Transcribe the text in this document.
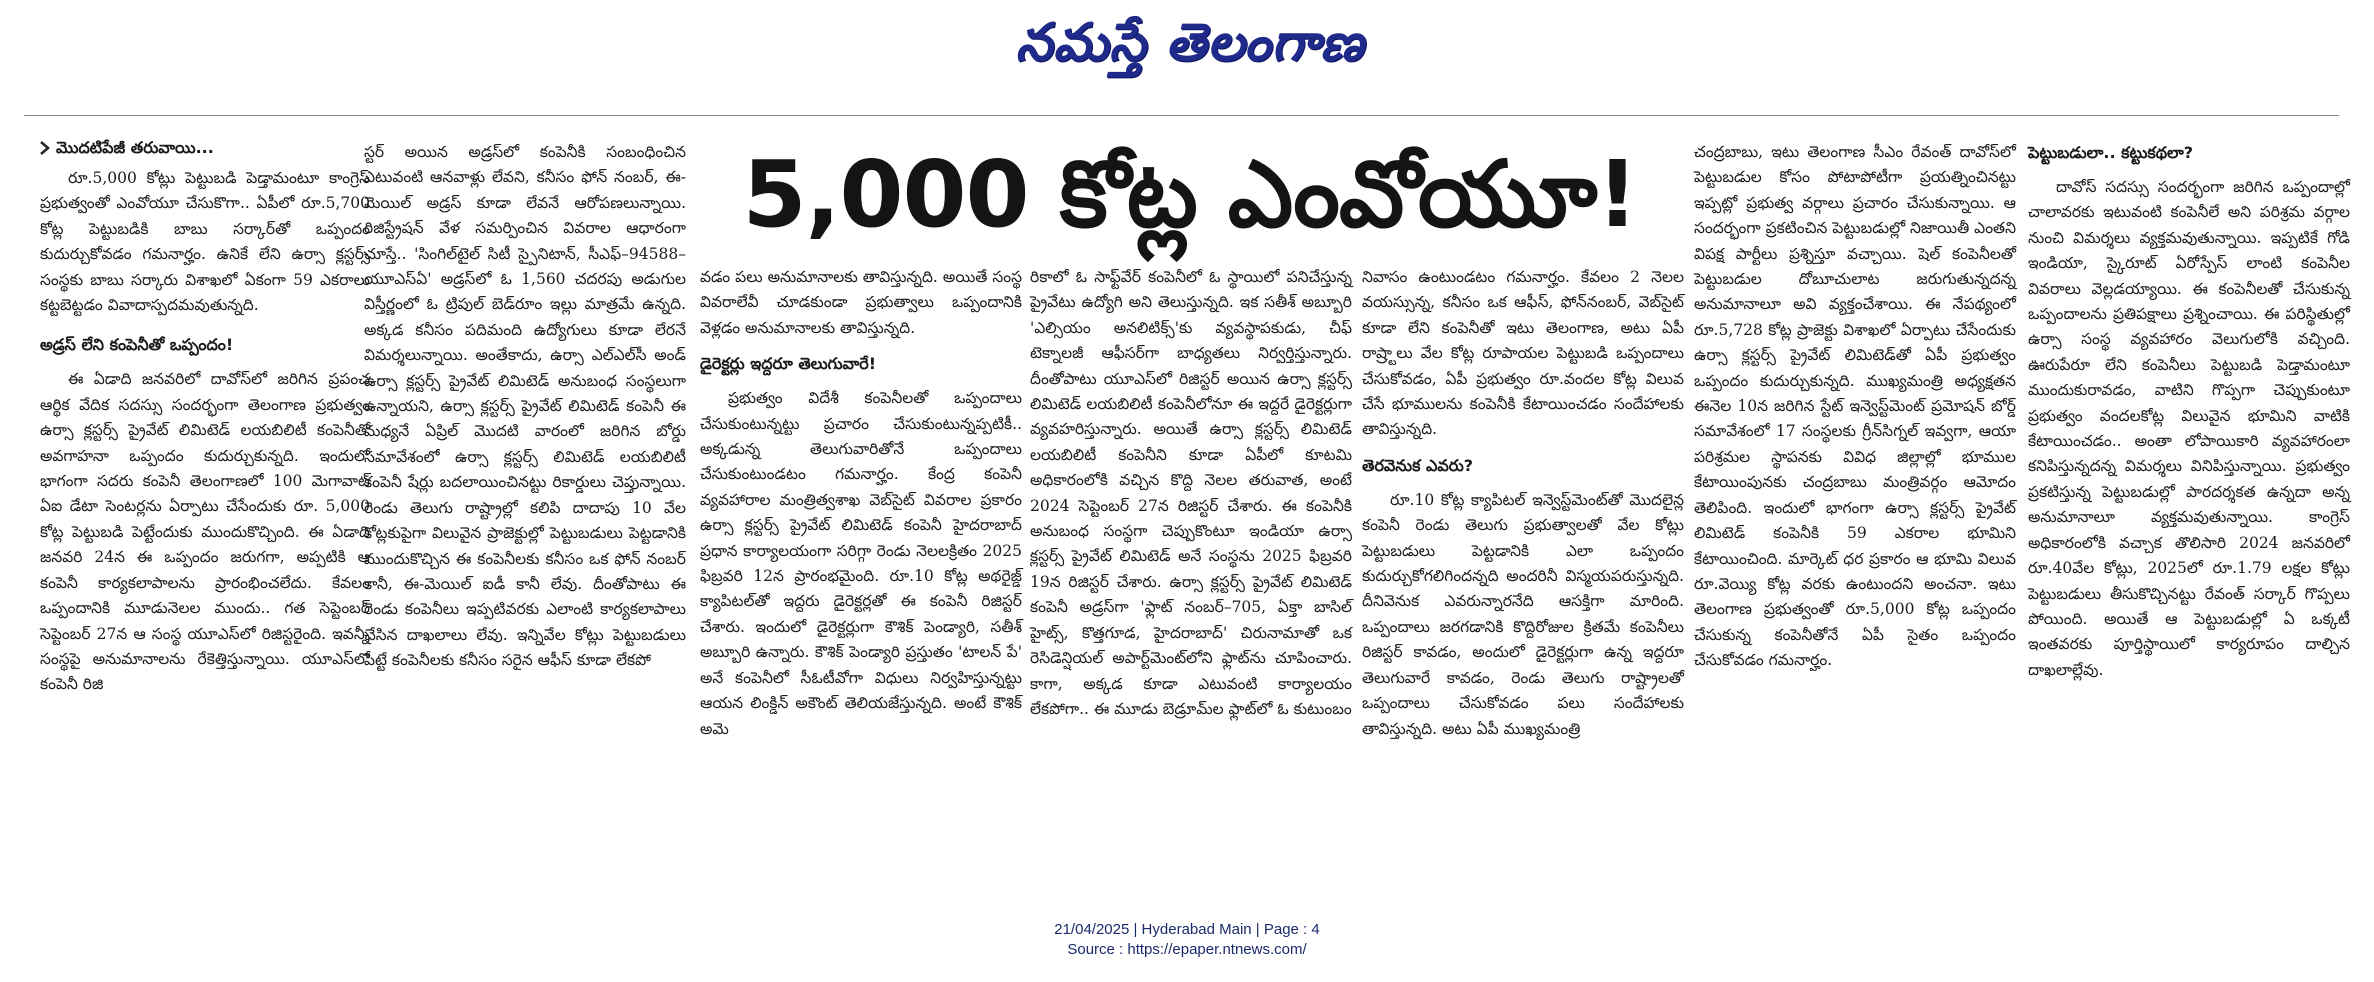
నమస్తే తెలంగాణ
మొదటిపేజీ తరువాయి...

రూ.5,000 కోట్లు పెట్టుబడి పెడ్తామంటూ కాంగ్రెస్ ప్రభుత్వంతో ఎంవోయూ చేసుకొగా.. ఏపీలో రూ.5,700 కోట్ల పెట్టుబడికి బాబు సర్కార్‌తో ఒప్పందం కుదుర్చుకోవడం గమనార్హం. ఉనికే లేని ఉర్సా క్లస్టర్స్ సంస్థకు బాబు సర్కారు విశాఖలో ఏకంగా 59 ఎకరాలు కట్టబెట్టడం వివాదాస్పదమవుతున్నది.

అడ్రస్ లేని కంపెనీతో ఒప్పందం!

ఈ ఏడాది జనవరిలో దావోస్‌లో జరిగిన ప్రపంచ ఆర్థిక వేదిక సదస్సు సందర్భంగా తెలంగాణ ప్రభుత్వం ఉర్సా క్లస్టర్స్ ప్రైవేట్ లిమిటెడ్ లయబిలిటీ కంపెనీతో అవగాహనా ఒప్పందం కుదుర్చుకున్నది. ఇందులో భాగంగా సదరు కంపెనీ తెలంగాణలో 100 మెగావాట్ ఏఐ డేటా సెంటర్లను ఏర్పాటు చేసేందుకు రూ. 5,000 కోట్ల పెట్టుబడి పెట్టేందుకు ముందుకొచ్చింది. ఈ ఏడాది జనవరి 24న ఈ ఒప్పందం జరుగగా, అప్పటికి ఆ కంపెనీ కార్యకలాపాలను ప్రారంభించలేదు. కేవలం ఒప్పందానికి మూడునెలల ముందు.. గత సెప్టెంబర్ సెప్టెంబర్ 27న ఆ సంస్థ యూఎస్‌లో రిజిస్టరైంది. ఇవన్నీ సంస్థపై అనుమానాలను రేకెత్తిస్తున్నాయి. యూఎస్‌లో కంపెనీ రిజి

స్టర్ అయిన అడ్రస్‌లో కంపెనీకి సంబంధించిన ఎటువంటి ఆనవాళ్లు లేవని, కనీసం ఫోన్ నంబర్, ఈ-మెయిల్ అడ్రస్ కూడా లేవనే ఆరోపణలున్నాయి. రిజిస్ట్రేషన్ వేళ సమర్పించిన వివరాల ఆధారంగా చూస్తే.. 'సింగిల్‌టైల్ సిటీ స్పైనిటాన్, సీఎఫ్–94588–యూఎస్ఏ' అడ్రస్‌లో ఓ 1,560 చదరపు అడుగుల విస్తీర్ణంలో ఓ ట్రిపుల్ బెడ్‌రూం ఇల్లు మాత్రమే ఉన్నది. అక్కడ కనీసం పదిమంది ఉద్యోగులు కూడా లేరనే విమర్శలున్నాయి. అంతేకాదు, ఉర్సా ఎల్ఎల్‌సీ అండ్ ఉర్సా క్లస్టర్స్ ప్రైవేట్ లిమిటెడ్ అనుబంధ సంస్థలుగా ఉన్నాయని, ఉర్సా క్లస్టర్స్ ప్రైవేట్ లిమిటెడ్ కంపెనీ ఈ మధ్యనే ఏప్రిల్ మొదటి వారంలో జరిగిన బోర్డు సమావేశంలో ఉర్సా క్లస్టర్స్ లిమిటెడ్ లయబిలిటీ కంపెనీ షేర్లు బదలాయించినట్టు రికార్డులు చెప్తున్నాయి. రెండు తెలుగు రాష్ట్రాల్లో కలిపి దాదాపు 10 వేల కోట్లకుపైగా విలువైన ప్రాజెక్టుల్లో పెట్టుబడులు పెట్టడానికి ముందుకొచ్చిన ఈ కంపెనీలకు కనీసం ఒక ఫోన్ నంబర్ కానీ, ఈ-మెయిల్ ఐడీ కానీ లేవు. దీంతోపాటు ఈ రెండు కంపెనీలు ఇప్పటివరకు ఎలాంటి కార్యకలాపాలు చేసిన దాఖలాలు లేవు. ఇన్నివేల కోట్లు పెట్టుబడులు పెట్టే కంపెనీలకు కనీసం సరైన ఆఫీస్ కూడా లేకపో

5,000 కోట్ల ఎంవోయూ!

వడం పలు అనుమానాలకు తావిస్తున్నది. అయితే సంస్థ వివరాలేవీ చూడకుండా ప్రభుత్వాలు ఒప్పందానికి వెళ్లడం అనుమానాలకు తావిస్తున్నది.

డైరెక్టర్లు ఇద్దరూ తెలుగువారే!

ప్రభుత్వం విదేశీ కంపెనీలతో ఒప్పందాలు చేసుకుంటున్నట్టు ప్రచారం చేసుకుంటున్నప్పటికీ.. అక్కడున్న తెలుగువారితోనే ఒప్పందాలు చేసుకుంటుండటం గమనార్హం. కేంద్ర కంపెనీ వ్యవహారాల మంత్రిత్వశాఖ వెబ్‌సైట్ వివరాల ప్రకారం ఉర్సా క్లస్టర్స్ ప్రైవేట్ లిమిటెడ్ కంపెనీ హైదరాబాద్ ప్రధాన కార్యాలయంగా సరిగ్గా రెండు నెలలక్రితం 2025 ఫిబ్రవరి 12న ప్రారంభమైంది. రూ.10 కోట్ల అథరైజ్డ్ క్యాపిటల్‌తో ఇద్దరు డైరెక్టర్లతో ఈ కంపెనీ రిజిస్టర్ చేశారు. ఇందులో డైరెక్టర్లుగా కౌశిక్ పెండ్యారి, సతీశ్ అబ్బూరి ఉన్నారు. కౌశిక్ పెండ్యారి ప్రస్తుతం 'టాలన్ పే' అనే కంపెనీలో సీఓటీవోగా విధులు నిర్వహిస్తున్నట్టు ఆయన లింక్డిన్ అకౌంట్ తెలియజేస్తున్నది. అంటే కౌశిక్ అమె

రికాలో ఓ సాఫ్ట్‌వేర్ కంపెనీలో ఓ స్థాయిలో పనిచేస్తున్న ప్రైవేటు ఉద్యోగి అని తెలుస్తున్నది. ఇక సతీశ్ అబ్బూరి 'ఎల్సియం అనలిటిక్స్'కు వ్యవస్థాపకుడు, చీఫ్ టెక్నాలజీ ఆఫీసర్‌గా బాధ్యతలు నిర్వర్తిస్తున్నారు. దీంతోపాటు యూఎస్‌లో రిజిస్టర్ అయిన ఉర్సా క్లస్టర్స్ లిమిటెడ్ లయబిలిటీ కంపెనీలోనూ ఈ ఇద్దరే డైరెక్టర్లుగా వ్యవహరిస్తున్నారు. అయితే ఉర్సా క్లస్టర్స్ లిమిటెడ్ లయబిలిటీ కంపెనీని కూడా ఏపీలో కూటమి అధికారంలోకి వచ్చిన కొద్ది నెలల తరువాత, అంటే 2024 సెప్టెంబర్ 27న రిజిస్టర్ చేశారు. ఈ కంపెనీకి అనుబంధ సంస్థగా చెప్పుకొంటూ ఇండియా ఉర్సా క్లస్టర్స్ ప్రైవేట్ లిమిటెడ్ అనే సంస్థను 2025 ఫిబ్రవరి 19న రిజిస్టర్ చేశారు. ఉర్సా క్లస్టర్స్ ప్రైవేట్ లిమిటెడ్ కంపెనీ అడ్రస్‌గా 'ఫ్లాట్ నంబర్–705, ఏక్తా బాసిల్ హైట్స్, కొత్తగూడ, హైదరాబాద్' చిరునామాతో ఒక రెసిడెన్షియల్ అపార్ట్‌మెంట్‌లోని ఫ్లాట్‌ను చూపించారు. కాగా, అక్కడ కూడా ఎటువంటి కార్యాలయం లేకపోగా.. ఈ మూడు బెడ్రూమ్‌ల ఫ్లాట్‌లో ఓ కుటుంబం

నివాసం ఉంటుండటం గమనార్హం. కేవలం 2 నెలల వయస్సున్న, కనీసం ఒక ఆఫీస్, ఫోన్‌నంబర్, వెబ్‌సైట్ కూడా లేని కంపెనీతో ఇటు తెలంగాణ, అటు ఏపీ రాష్ర్టాలు వేల కోట్ల రూపాయల పెట్టుబడి ఒప్పందాలు చేసుకోవడం, ఏపీ ప్రభుత్వం రూ.వందల కోట్ల విలువ చేసే భూములను కంపెనీకి కేటాయించడం సందేహాలకు తావిస్తున్నది.

తెరవెనుక ఎవరు?

రూ.10 కోట్ల క్యాపిటల్ ఇన్వెస్ట్‌మెంట్‌తో మొదలైన్ల కంపెనీ రెండు తెలుగు ప్రభుత్వాలతో వేల కోట్లు పెట్టుబడులు పెట్టడానికి ఎలా ఒప్పందం కుదుర్చుకోగలిగిందన్నది అందరినీ విస్మయపరుస్తున్నది. దీనివెనుక ఎవరున్నారనేది ఆసక్తిగా మారింది. ఒప్పందాలు జరగడానికి కొద్దిరోజుల క్రితమే కంపెనీలు రిజిస్టర్ కావడం, అందులో డైరెక్టర్లుగా ఉన్న ఇద్దరూ తెలుగువారే కావడం, రెండు తెలుగు రాష్ట్రాలతో ఒప్పందాలు చేసుకోవడం పలు సందేహాలకు తావిస్తున్నది. అటు ఏపీ ముఖ్యమంత్రి

చంద్రబాబు, ఇటు తెలంగాణ సీఎం రేవంత్ దావోస్‌లో పెట్టుబడుల కోసం పోటాపోటీగా ప్రయత్నించినట్టు ఇప్పట్లో ప్రభుత్వ వర్గాలు ప్రచారం చేసుకున్నాయి. ఆ సందర్భంగా ప్రకటించిన పెట్టుబడుల్లో నిజాయితీ ఎంతని విపక్ష పార్టీలు ప్రశ్నిస్తూ వచ్చాయి. షెల్ కంపెనీలతో పెట్టుబడుల దోబూచులాట జరుగుతున్నదన్న అనుమానాలూ అవి వ్యక్తంచేశాయి. ఈ నేపథ్యంలో రూ.5,728 కోట్ల ప్రాజెక్టు విశాఖలో ఏర్పాటు చేసేందుకు ఉర్సా క్లస్టర్స్ ప్రైవేట్ లిమిటెడ్‌తో ఏపీ ప్రభుత్వం ఒప్పందం కుదుర్చుకున్నది. ముఖ్యమంత్రి అధ్యక్షతన ఈనెల 10న జరిగిన స్టేట్ ఇన్వెస్ట్‌మెంట్ ప్రమోషన్ బోర్డ్ సమావేశంలో 17 సంస్థలకు గ్రీన్‌సిగ్నల్ ఇవ్వగా, ఆయా పరిశ్రమల స్థాపనకు వివిధ జిల్లాల్లో భూముల కేటాయింపునకు చంద్రబాబు మంత్రివర్గం ఆమోదం తెలిపింది. ఇందులో భాగంగా ఉర్సా క్లస్టర్స్ ప్రైవేట్ లిమిటెడ్ కంపెనీకి 59 ఎకరాల భూమిని కేటాయించింది. మార్కెట్ ధర ప్రకారం ఆ భూమి విలువ రూ.వెయ్యి కోట్ల వరకు ఉంటుందని అంచనా. ఇటు తెలంగాణ ప్రభుత్వంతో రూ.5,000 కోట్ల ఒప్పందం చేసుకున్న కంపెనీతోనే ఏపీ సైతం ఒప్పందం చేసుకోవడం గమనార్హం.

పెట్టుబడులా.. కట్టుకథలా?

దావోస్ సదస్సు సందర్భంగా జరిగిన ఒప్పందాల్లో చాలావరకు ఇటువంటి కంపెనీలే అని పరిశ్రమ వర్గాల నుంచి విమర్శలు వ్యక్తమవుతున్నాయి. ఇప్పటికే గోడి ఇండియా, స్కైరూట్ ఏరోస్పేస్ లాంటి కంపెనీల వివరాలు వెల్లడయ్యాయి. ఈ కంపెనీలతో చేసుకున్న ఒప్పందాలను ప్రతిపక్షాలు ప్రశ్నించాయి. ఈ పరిస్థితుల్లో ఉర్సా సంస్థ వ్యవహారం వెలుగులోకి వచ్చింది. ఊరుపేరూ లేని కంపెనీలు పెట్టుబడి పెడ్తామంటూ ముందుకురావడం, వాటిని గొప్పగా చెప్పుకుంటూ ప్రభుత్వం వందలకోట్ల విలువైన భూమిని వాటికి కేటాయించడం.. అంతా లోపాయికారి వ్యవహారంలా కనిపిస్తున్నదన్న విమర్శలు వినిపిస్తున్నాయి. ప్రభుత్వం ప్రకటిస్తున్న పెట్టుబడుల్లో పారదర్శకత ఉన్నదా అన్న అనుమానాలూ వ్యక్తమవుతున్నాయి. కాంగ్రెస్ అధికారంలోకి వచ్చాక తొలిసారి 2024 జనవరిలో రూ.40వేల కోట్లు, 2025లో రూ.1.79 లక్షల కోట్లు పెట్టుబడులు తీసుకొచ్చినట్టు రేవంత్ సర్కార్ గొప్పలు పోయింది. అయితే ఆ పెట్టుబడుల్లో ఏ ఒక్కటీ ఇంతవరకు పూర్తిస్థాయిలో కార్యరూపం దాల్చిన దాఖలాల్లేవు.

21/04/2025 | Hyderabad Main | Page : 4
Source : https://epaper.ntnews.com/
